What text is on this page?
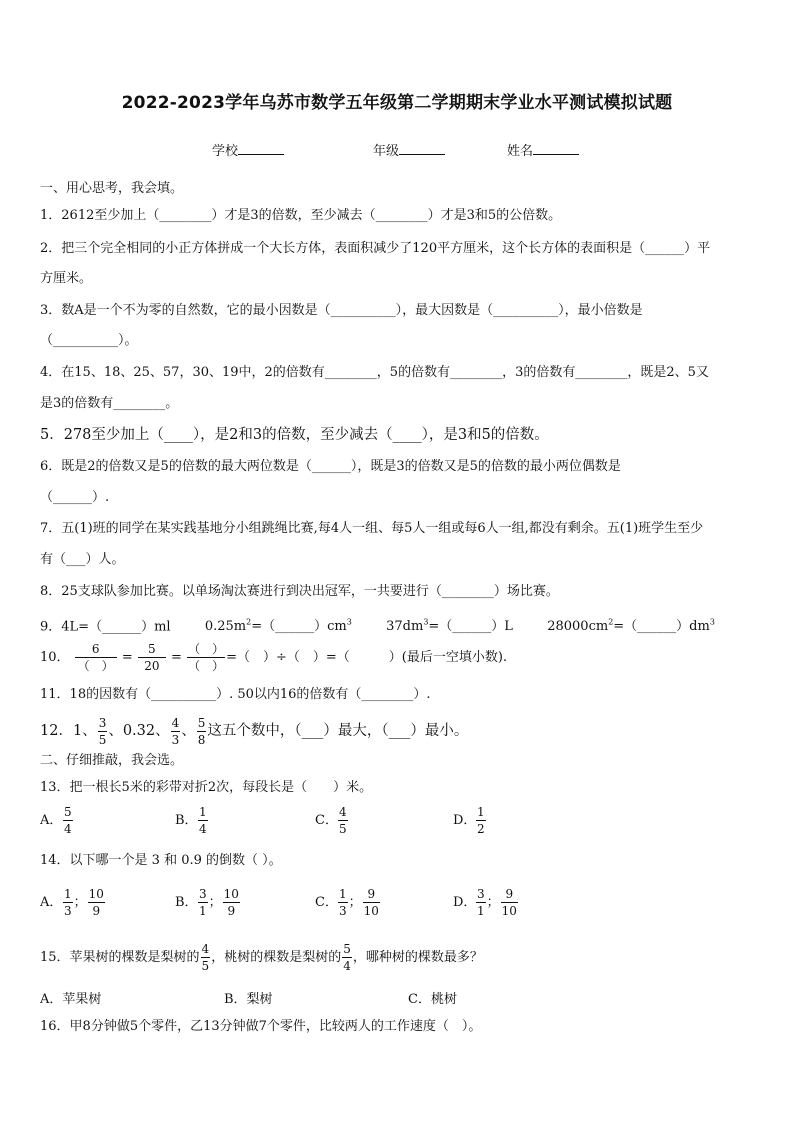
2022-2023学年乌苏市数学五年级第二学期期末学业水平测试模拟试题
学校	年级	姓名
一、用心思考，我会填。
1．2612至少加上（________）才是3的倍数，至少减去（________）才是3和5的公倍数。
2．把三个完全相同的小正方体拼成一个大长方体，表面积减少了120平方厘米，这个长方体的表面积是（______）平
方厘米。
3．数A是一个不为零的自然数，它的最小因数是（__________），最大因数是（__________），最小倍数是
（__________）。
4．在15、18、25、57，30、19中，2的倍数有________，5的倍数有________，3的倍数有________，既是2、5又
是3的倍数有________。
5．278至少加上（____），是2和3的倍数，至少减去（____），是3和5的倍数。
6．既是2的倍数又是5的倍数的最大两位数是（______），既是3的倍数又是5的倍数的最小两位偶数是
（______）.
7．五(1)班的同学在某实践基地分小组跳绳比赛,每4人一组、每5人一组或每6人一组,都没有剩余。五(1)班学生至少
有（___）人。
8．25支球队参加比赛。以单场淘汰赛进行到决出冠军，一共要进行（________）场比赛。
9．4L=（______）ml	$0.25m^2=(\_\_\_\_\_\_)cm^3$	$37dm^3=(\_\_\_\_\_\_)L$	$28000cm^2=(\_\_\_\_\_\_)dm^3$
10． $\frac{6}{( )} = \frac{5}{20} = \frac{( )}{( )}$ =（　）÷（　）=（　　　）(最后一空填小数).
11．18的因数有（__________）. 50以内16的倍数有（________）.
12．1、 $\frac{3}{5}$ 、0.32、 $\frac{4}{3}$ 、 $\frac{5}{8}$ 这五个数中，（___）最大，（___）最小。
二、仔细推敲，我会选。
13．把一根长5米的彩带对折2次，每段长是（　　）米。
A． $\frac{5}{4}$	B． $\frac{1}{4}$	C． $\frac{4}{5}$	D． $\frac{1}{2}$
14．以下哪一个是 3 和 0.9 的倒数（ ）。
A． $\frac{1}{3}$ ； $\frac{10}{9}$	B． $\frac{3}{1}$ ； $\frac{10}{9}$	C． $\frac{1}{3}$ ； $\frac{9}{10}$	D． $\frac{3}{1}$ ； $\frac{9}{10}$
15．苹果树的棵数是梨树的 $\frac{4}{5}$ ，桃树的棵数是梨树的 $\frac{5}{4}$ ，哪种树的棵数最多？
A．苹果树	B．梨树	C．桃树
16．甲8分钟做5个零件，乙13分钟做7个零件，比较两人的工作速度（　）。
